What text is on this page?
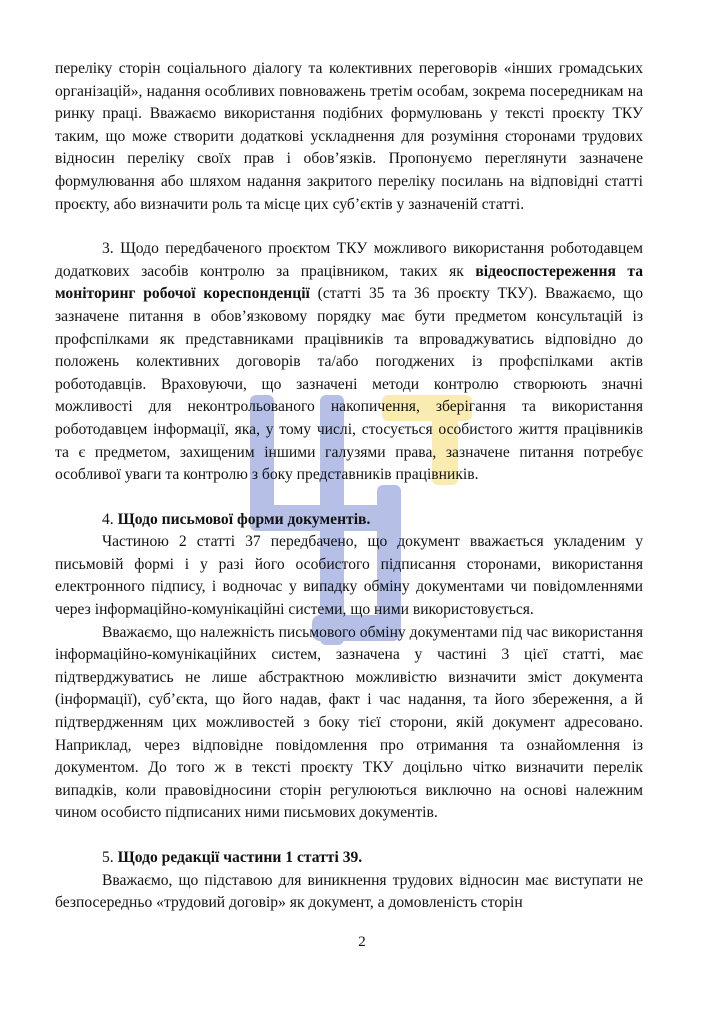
переліку сторін соціального діалогу та колективних переговорів «інших громадських організацій», надання особливих повноважень третім особам, зокрема посередникам на ринку праці. Вважаємо використання подібних формулювань у тексті проєкту ТКУ таким, що може створити додаткові ускладнення для розуміння сторонами трудових відносин переліку своїх прав і обов’язків. Пропонуємо переглянути зазначене формулювання або шляхом надання закритого переліку посилань на відповідні статті проєкту, або визначити роль та місце цих суб’єктів у зазначеній статті.

3. Щодо передбаченого проєктом ТКУ можливого використання роботодавцем додаткових засобів контролю за працівником, таких як відеоспостереження та моніторинг робочої кореспонденції (статті 35 та 36 проєкту ТКУ). Вважаємо, що зазначене питання в обов’язковому порядку має бути предметом консультацій із профспілками як представниками працівників та впроваджуватись відповідно до положень колективних договорів та/або погоджених із профспілками актів роботодавців. Враховуючи, що зазначені методи контролю створюють значні можливості для неконтрольованого накопичення, зберігання та використання роботодавцем інформації, яка, у тому числі, стосується особистого життя працівників та є предметом, захищеним іншими галузями права, зазначене питання потребує особливої уваги та контролю з боку представників працівників.

4. Щодо письмової форми документів.

Частиною 2 статті 37 передбачено, що документ вважається укладеним у письмовій формі і у разі його особистого підписання сторонами, використання електронного підпису, і водночас у випадку обміну документами чи повідомленнями через інформаційно-комунікаційні системи, що ними використовується.

Вважаємо, що належність письмового обміну документами під час використання інформаційно-комунікаційних систем, зазначена у частині 3 цієї статті, має підтверджуватись не лише абстрактною можливістю визначити зміст документа (інформації), суб’єкта, що його надав, факт і час надання, та його збереження, а й підтвердженням цих можливостей з боку тієї сторони, якій документ адресовано. Наприклад, через відповідне повідомлення про отримання та ознайомлення із документом. До того ж в тексті проєкту ТКУ доцільно чітко визначити перелік випадків, коли правовідносини сторін регулюються виключно на основі належним чином особисто підписаних ними письмових документів.

5. Щодо редакції частини 1 статті 39.

Вважаємо, що підставою для виникнення трудових відносин має виступати не безпосередньо «трудовий договір» як документ, а домовленість сторін

2
